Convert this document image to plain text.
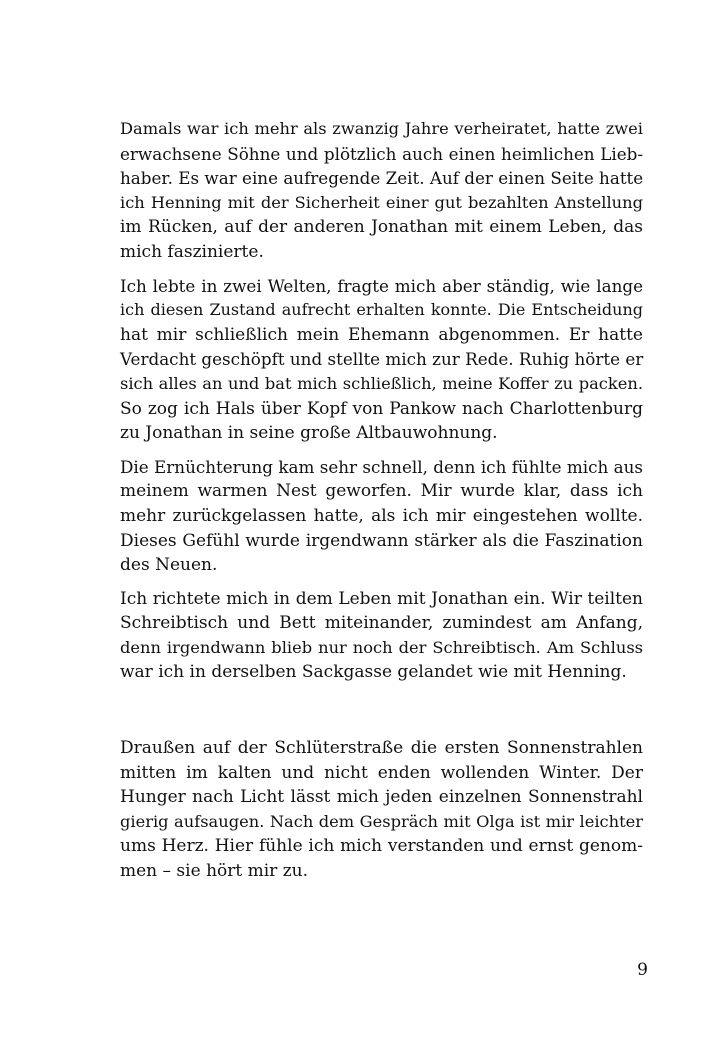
Damals war ich mehr als zwanzig Jahre verheiratet, hatte zwei
erwachsene Söhne und plötzlich auch einen heimlichen Lieb-
haber. Es war eine aufregende Zeit. Auf der einen Seite hatte
ich Henning mit der Sicherheit einer gut bezahlten Anstellung
im Rücken, auf der anderen Jonathan mit einem Leben, das
mich faszinierte.
Ich lebte in zwei Welten, fragte mich aber ständig, wie lange
ich diesen Zustand aufrecht erhalten konnte. Die Entscheidung
hat mir schließlich mein Ehemann abgenommen. Er hatte
Verdacht geschöpft und stellte mich zur Rede. Ruhig hörte er
sich alles an und bat mich schließlich, meine Koffer zu packen.
So zog ich Hals über Kopf von Pankow nach Charlottenburg
zu Jonathan in seine große Altbauwohnung.
Die Ernüchterung kam sehr schnell, denn ich fühlte mich aus
meinem warmen Nest geworfen. Mir wurde klar, dass ich
mehr zurückgelassen hatte, als ich mir eingestehen wollte.
Dieses Gefühl wurde irgendwann stärker als die Faszination
des Neuen.
Ich richtete mich in dem Leben mit Jonathan ein. Wir teilten
Schreibtisch und Bett miteinander, zumindest am Anfang,
denn irgendwann blieb nur noch der Schreibtisch. Am Schluss
war ich in derselben Sackgasse gelandet wie mit Henning.
Draußen auf der Schlüterstraße die ersten Sonnenstrahlen
mitten im kalten und nicht enden wollenden Winter. Der
Hunger nach Licht lässt mich jeden einzelnen Sonnenstrahl
gierig aufsaugen. Nach dem Gespräch mit Olga ist mir leichter
ums Herz. Hier fühle ich mich verstanden und ernst genom-
men – sie hört mir zu.
9
